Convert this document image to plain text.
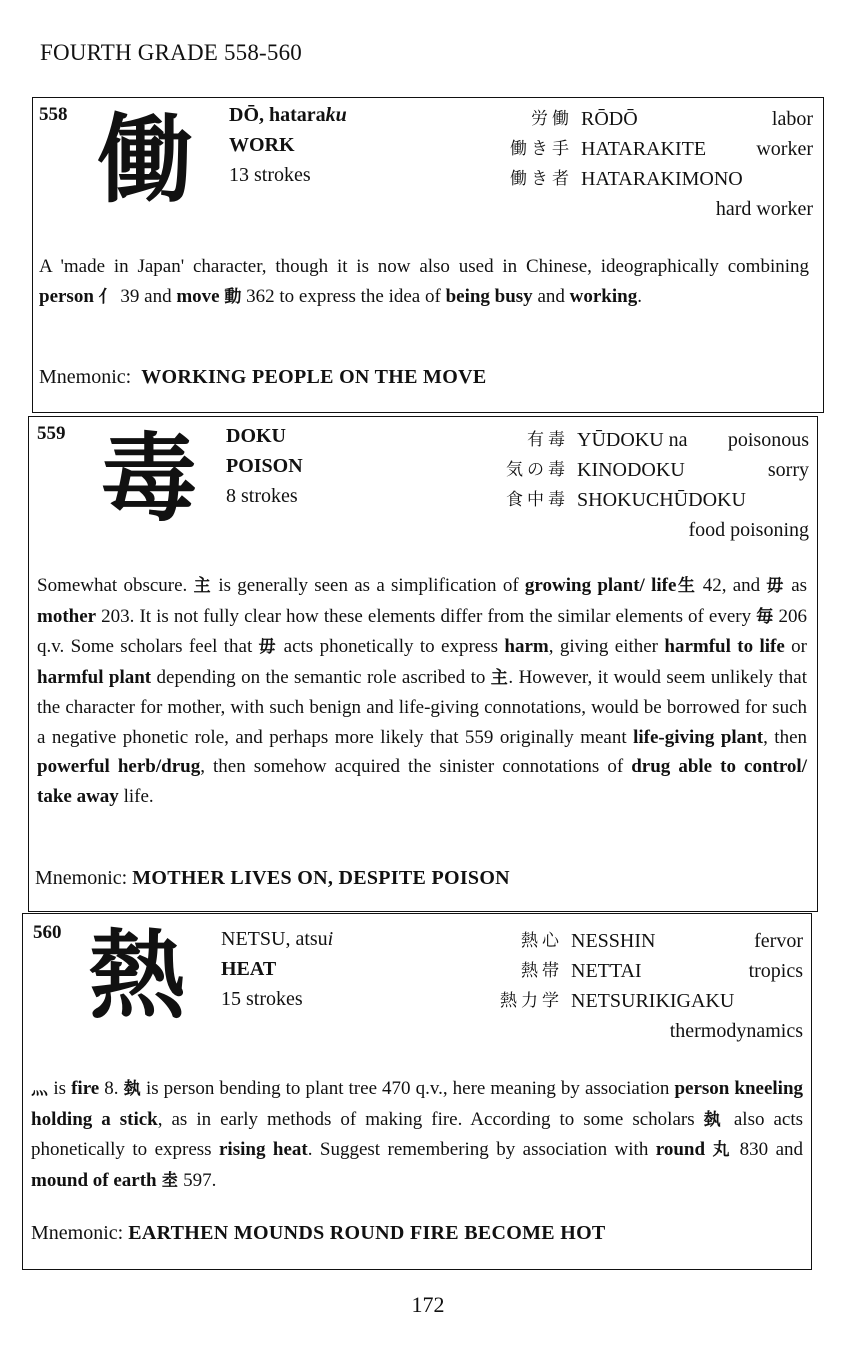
FOURTH GRADE 558-560
558 働 DŌ, hataraku
WORK
13 strokes
労働 RŌDŌ	labor
働き手 HATARAKITE	worker
働き者 HATARAKIMONO
hard worker
A 'made in Japan' character, though it is now also used in Chinese, ideographically combining person 亻 39 and move 動 362 to express the idea of being busy and working.
Mnemonic: WORKING PEOPLE ON THE MOVE
559 毒 DOKU
POISON
8 strokes
有毒 YŪDOKU na poisonous
気の毒 KINODOKU	sorry
食中毒 SHOKUCHŪDOKU
food poisoning
Somewhat obscure. 主 is generally seen as a simplification of growing plant/ life生 42, and 毋 as mother 203. It is not fully clear how these elements differ from the similar elements of every 毎 206 q.v. Some scholars feel that 毋 acts phonetically to express harm, giving either harmful to life or harmful plant depending on the semantic role ascribed to 主. However, it would seem unlikely that the character for mother, with such benign and life-giving connotations, would be borrowed for such a negative phonetic role, and perhaps more likely that 559 originally meant life-giving plant, then powerful herb/drug, then somehow acquired the sinister connotations of drug able to control/ take away life.
Mnemonic: MOTHER LIVES ON, DESPITE POISON
560 熱 NETSU, atsui
HEAT
15 strokes
熱心 NESSHIN	fervor
熱帯 NETTAI	tropics
熱力学 NETSURIKIGAKU
thermodynamics
灬 is fire 8. 埶 is person bending to plant tree 470 q.v., here meaning by association person kneeling holding a stick, as in early methods of making fire. According to some scholars 埶 also acts phonetically to express rising heat. Suggest remembering by association with round 丸 830 and mound of earth 坴 597.
Mnemonic: EARTHEN MOUNDS ROUND FIRE BECOME HOT
172
